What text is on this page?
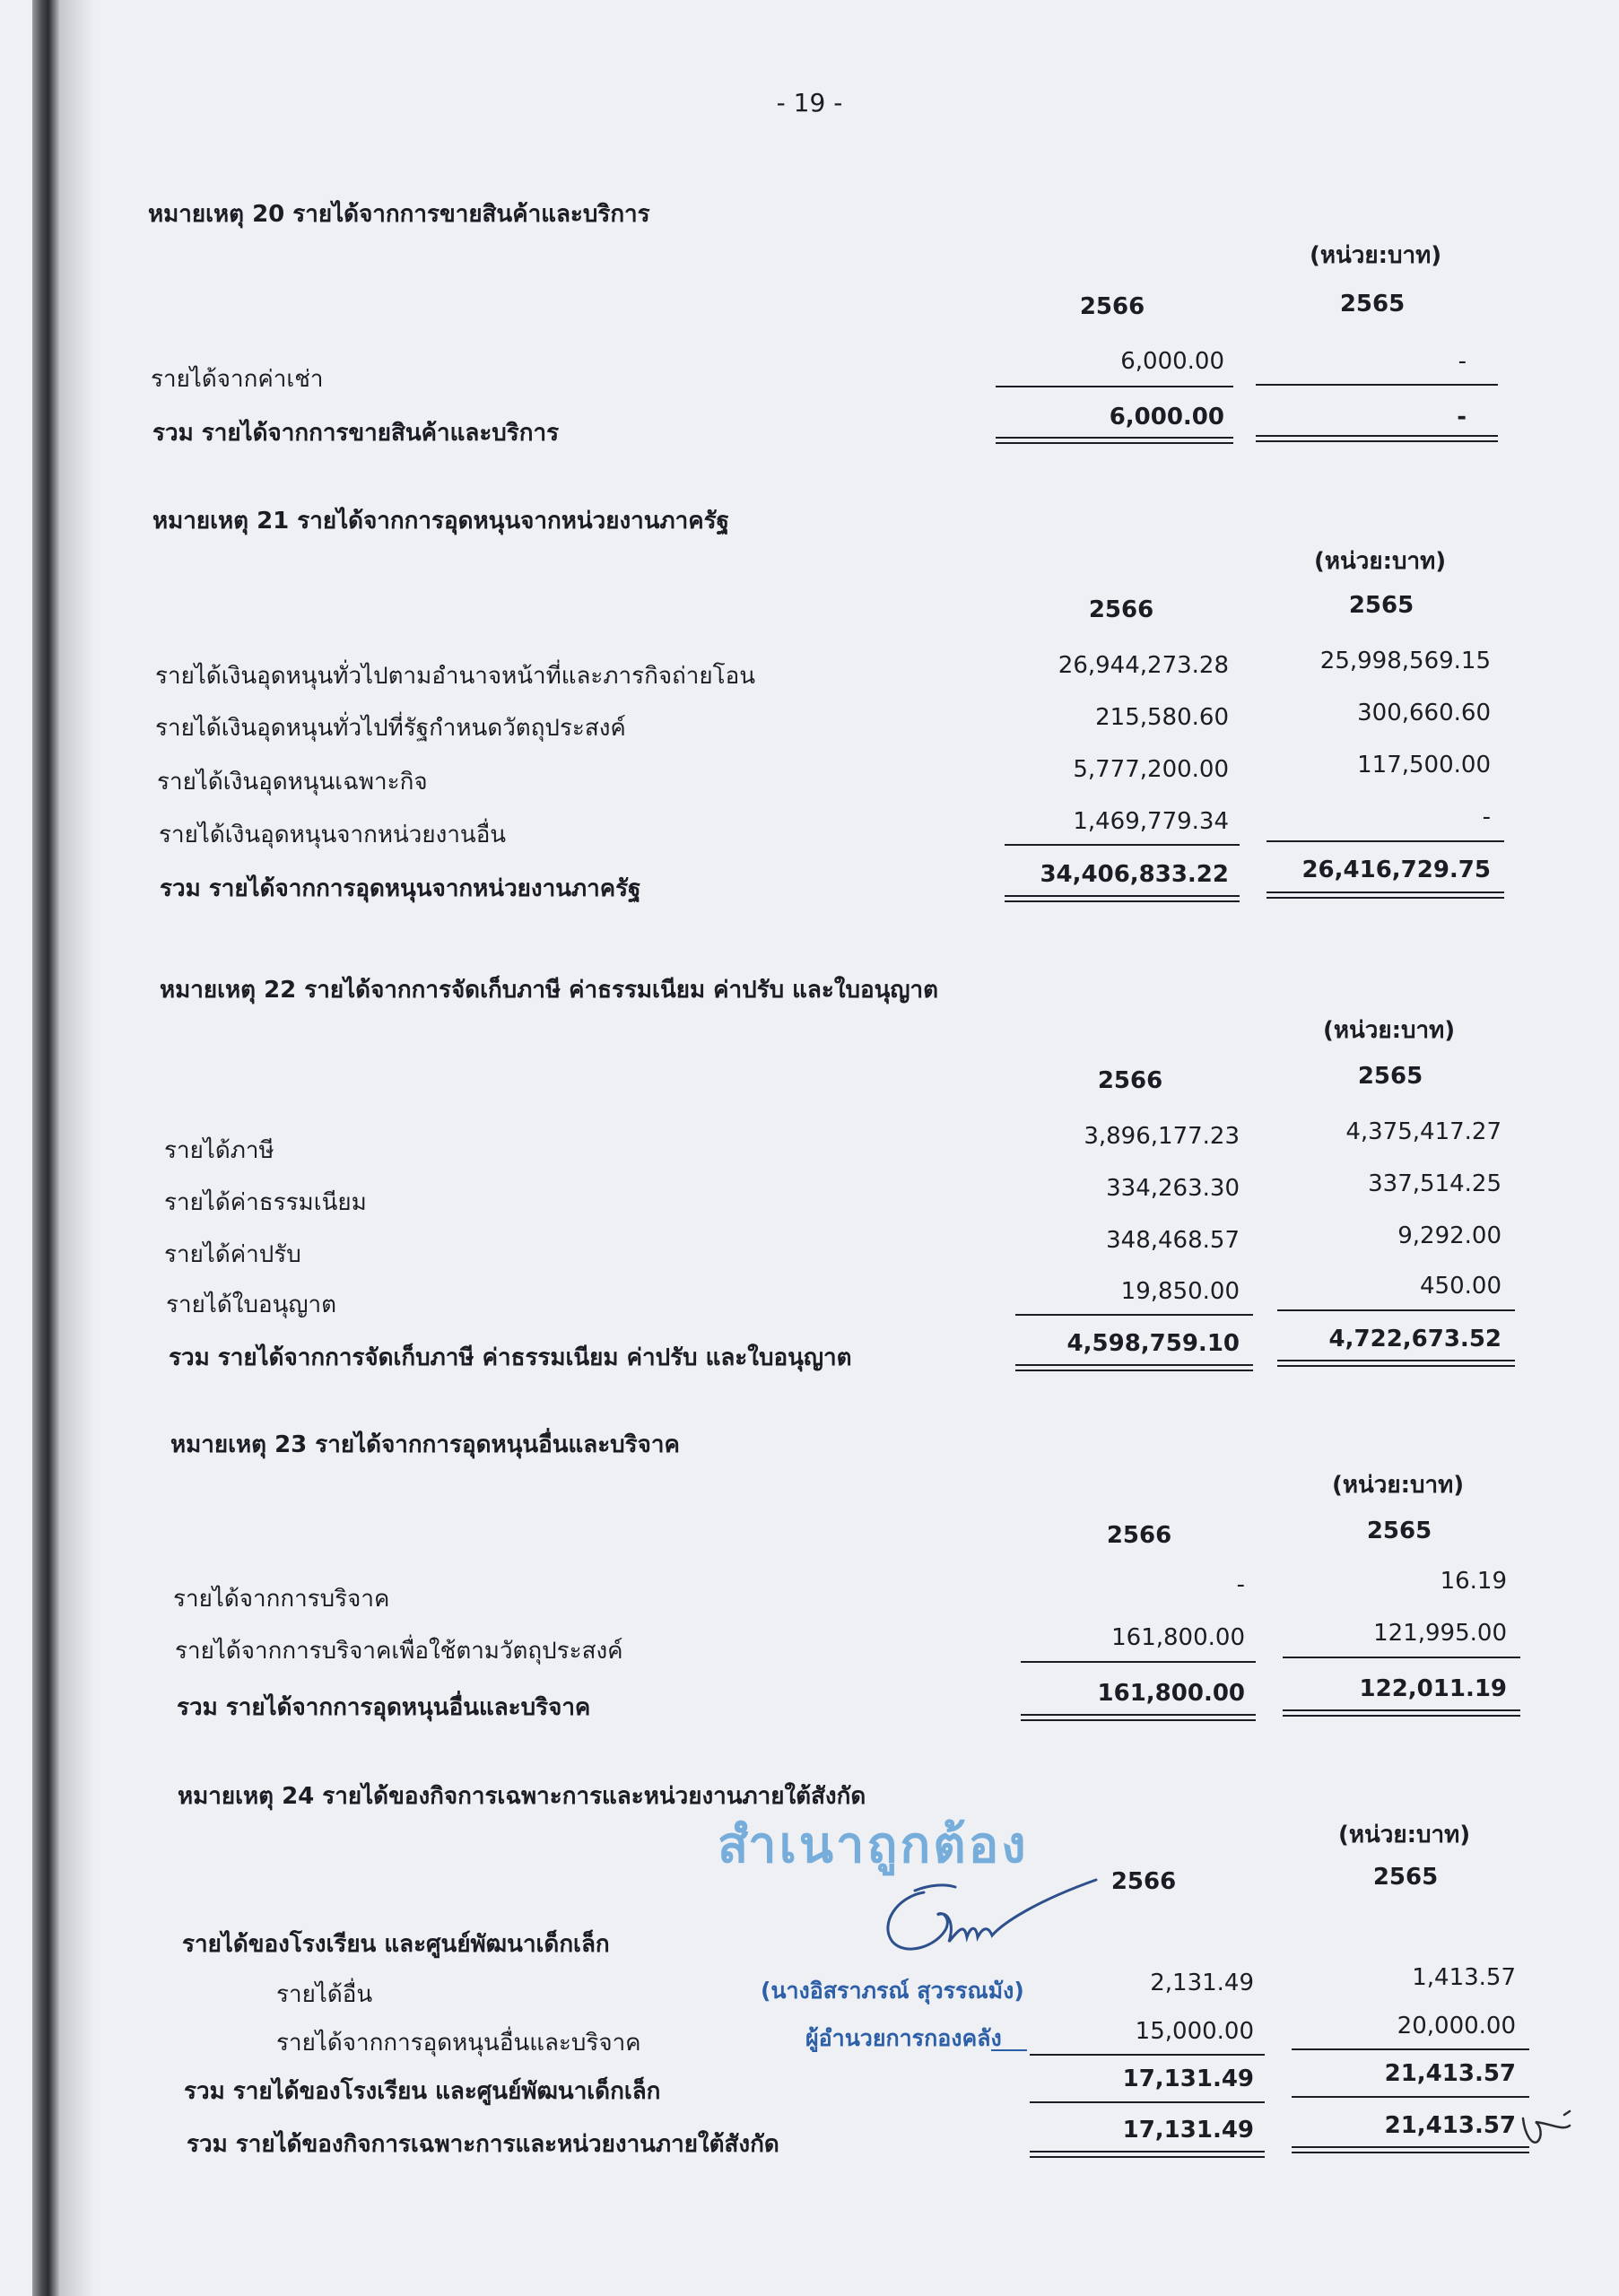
- 19 -
หมายเหตุ 20 รายได้จากการขายสินค้าและบริการ
(หน่วย:บาท)
2566	2565
รายได้จากค่าเช่า
6,000.00	-
รวม รายได้จากการขายสินค้าและบริการ
6,000.00	-
หมายเหตุ 21 รายได้จากการอุดหนุนจากหน่วยงานภาครัฐ
(หน่วย:บาท)
2566	2565
รายได้เงินอุดหนุนทั่วไปตามอำนาจหน้าที่และภารกิจถ่ายโอน	26,944,273.28	25,998,569.15
รายได้เงินอุดหนุนทั่วไปที่รัฐกำหนดวัตถุประสงค์	215,580.60	300,660.60
รายได้เงินอุดหนุนเฉพาะกิจ	5,777,200.00	117,500.00
รายได้เงินอุดหนุนจากหน่วยงานอื่น	1,469,779.34	-
รวม รายได้จากการอุดหนุนจากหน่วยงานภาครัฐ
34,406,833.22	26,416,729.75
หมายเหตุ 22 รายได้จากการจัดเก็บภาษี ค่าธรรมเนียม ค่าปรับ และใบอนุญาต
(หน่วย:บาท)
2566	2565
รายได้ภาษี
3,896,177.23	4,375,417.27
รายได้ค่าธรรมเนียม
334,263.30	337,514.25
รายได้ค่าปรับ
348,468.57	9,292.00
รายได้ใบอนุญาต	19,850.00	450.00
รวม รายได้จากการจัดเก็บภาษี ค่าธรรมเนียม ค่าปรับ และใบอนุญาต
4,598,759.10	4,722,673.52
หมายเหตุ 23 รายได้จากการอุดหนุนอื่นและบริจาค
(หน่วย:บาท)
2566	2565
รายได้จากการบริจาค
-	16.19
รายได้จากการบริจาคเพื่อใช้ตามวัตถุประสงค์	161,800.00	121,995.00
รวม รายได้จากการอุดหนุนอื่นและบริจาค
161,800.00	122,011.19
หมายเหตุ 24 รายได้ของกิจการเฉพาะการและหน่วยงานภายใต้สังกัด
(หน่วย:บาท)
2566	2565
รายได้ของโรงเรียน และศูนย์พัฒนาเด็กเล็ก
รายได้อื่น	2,131.49	1,413.57
รายได้จากการอุดหนุนอื่นและบริจาค	15,000.00	20,000.00
รวม รายได้ของโรงเรียน และศูนย์พัฒนาเด็กเล็ก	17,131.49	21,413.57
รวม รายได้ของกิจการเฉพาะการและหน่วยงานภายใต้สังกัด
17,131.49	21,413.57
สำเนาถูกต้อง
(นางอิสราภรณ์ สุวรรณมัง)
ผู้อำนวยการกองคลัง
